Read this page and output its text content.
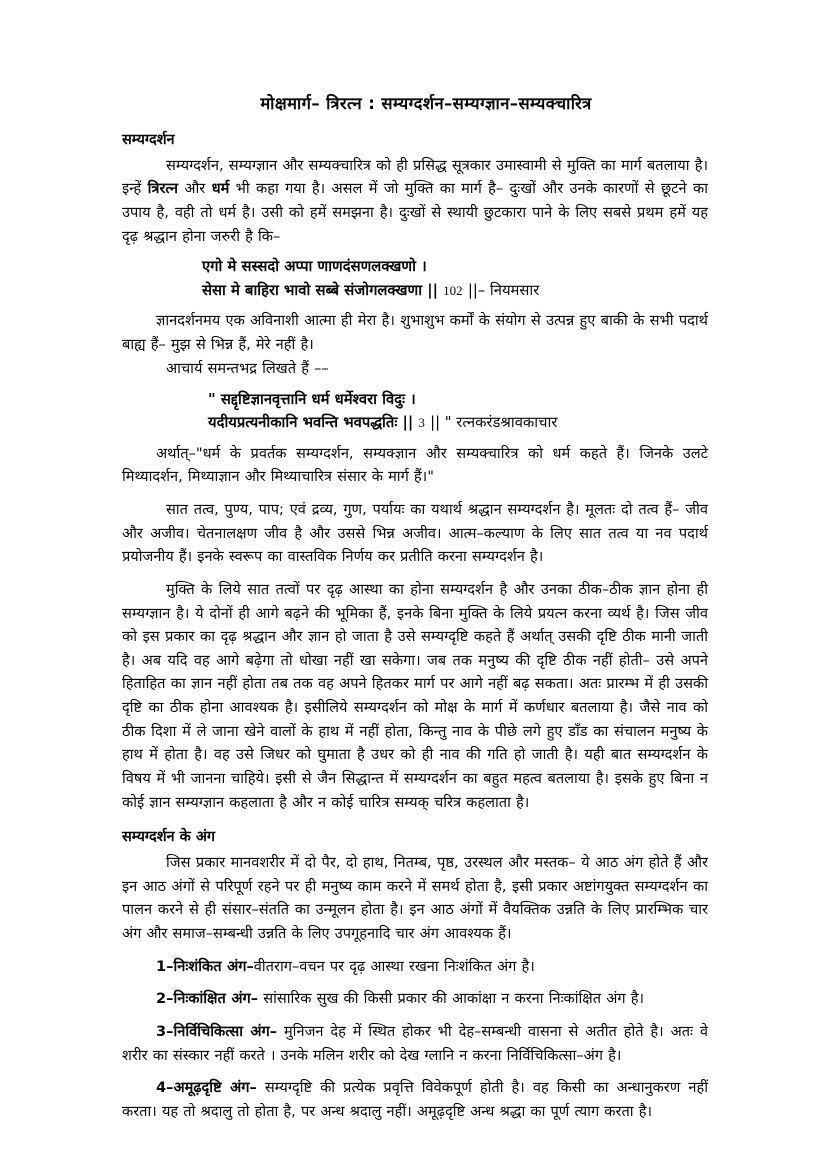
मोक्षमार्ग– त्रिरत्न : सम्यग्दर्शन–सम्यग्ज्ञान–सम्यक्चारित्र
सम्यग्दर्शन

सम्यग्दर्शन, सम्यग्ज्ञान और सम्यक्चारित्र को ही प्रसिद्ध सूत्रकार उमास्वामी से मुक्ति का मार्ग बतलाया है। इन्हें त्रिरत्न और धर्म भी कहा गया है। असल में जो मुक्ति का मार्ग है– दुःखों और उनके कारणों से छूटने का उपाय है, वही तो धर्म है। उसी को हमें समझना है। दुःखों से स्थायी छुटकारा पाने के लिए सबसे प्रथम हमें यह दृढ़ श्रद्धान होना जरुरी है कि–

एगो मे सस्सदो अप्पा णाणदंसणलक्खणो ।
सेसा मे बाहिरा भावो सब्बे संजोगलक्खणा || 102 ||– नियमसार

ज्ञानदर्शनमय एक अविनाशी आत्मा ही मेरा है। शुभाशुभ कर्मों के संयोग से उत्पन्न हुए बाकी के सभी पदार्थ बाह्य हैं– मुझ से भिन्न हैं, मेरे नहीं है।

आचार्य समन्तभद्र लिखते हैं ––

" सद्दृष्टिज्ञानवृत्तानि धर्म धर्मेश्वरा विदुः ।
यदीयप्रत्यनीकानि भवन्ति भवपद्धतिः || 3 || " रत्नकरंडश्रावकाचार

अर्थात्–"धर्म के प्रवर्तक सम्यग्दर्शन, सम्यक्ज्ञान और सम्यक्चारित्र को धर्म कहते हैं। जिनके उलटे मिथ्यादर्शन, मिथ्याज्ञान और मिथ्याचारित्र संसार के मार्ग हैं।"

सात तत्व, पुण्य, पाप; एवं द्रव्य, गुण, पर्यायः का यथार्थ श्रद्धान सम्यग्दर्शन है। मूलतः दो तत्व हैं– जीव और अजीव। चेतनालक्षण जीव है और उससे भिन्न अजीव। आत्म–कल्याण के लिए सात तत्व या नव पदार्थ प्रयोजनीय हैं। इनके स्वरूप का वास्तविक निर्णय कर प्रतीति करना सम्यग्दर्शन है।

मुक्ति के लिये सात तत्वों पर दृढ़ आस्था का होना सम्यग्दर्शन है और उनका ठीक–ठीक ज्ञान होना ही सम्यग्ज्ञान है। ये दोनों ही आगे बढ़ने की भूमिका हैं, इनके बिना मुक्ति के लिये प्रयत्न करना व्यर्थ है। जिस जीव को इस प्रकार का दृढ़ श्रद्धान और ज्ञान हो जाता है उसे सम्यग्दृष्टि कहते हैं अर्थात् उसकी दृष्टि ठीक मानी जाती है। अब यदि वह आगे बढ़ेगा तो धोखा नहीं खा सकेगा। जब तक मनुष्य की दृष्टि ठीक नहीं होती– उसे अपने हिताहित का ज्ञान नहीं होता तब तक वह अपने हितकर मार्ग पर आगे नहीं बढ़ सकता। अतः प्रारम्भ में ही उसकी दृष्टि का ठीक होना आवश्यक है। इसीलिये सम्यग्दर्शन को मोक्ष के मार्ग में कर्णधार बतलाया है। जैसे नाव को ठीक दिशा में ले जाना खेने वालों के हाथ में नहीं होता, किन्तु नाव के पीछे लगे हुए डाँड का संचालन मनुष्य के हाथ में होता है। वह उसे जिधर को घुमाता है उधर को ही नाव की गति हो जाती है। यही बात सम्यग्दर्शन के विषय में भी जानना चाहिये। इसी से जैन सिद्धान्त में सम्यग्दर्शन का बहुत महत्व बतलाया है। इसके हुए बिना न कोई ज्ञान सम्यग्ज्ञान कहलाता है और न कोई चारित्र सम्यक् चरित्र कहलाता है।

सम्यग्दर्शन के अंग

जिस प्रकार मानवशरीर में दो पैर, दो हाथ, नितम्ब, पृष्ठ, उरस्थल और मस्तक– ये आठ अंग होते हैं और इन आठ अंगों से परिपूर्ण रहने पर ही मनुष्य काम करने में समर्थ होता है, इसी प्रकार अष्टांगयुक्त सम्यग्दर्शन का पालन करने से ही संसार–संतति का उन्मूलन होता है। इन आठ अंगों में वैयक्तिक उन्नति के लिए प्रारम्भिक चार अंग और समाज–सम्बन्धी उन्नति के लिए उपगूहनादि चार अंग आवश्यक हैं।

1–निःशंकित अंग–वीतराग–वचन पर दृढ़ आस्था रखना निःशंकित अंग है।

2–निःकांक्षित अंग– सांसारिक सुख की किसी प्रकार की आकांक्षा न करना निःकांक्षित अंग है।

3–निर्विचिकित्सा अंग– मुनिजन देह में स्थित होकर भी देह–सम्बन्धी वासना से अतीत होते है। अतः वे शरीर का संस्कार नहीं करते । उनके मलिन शरीर को देख ग्लानि न करना निर्विचिकित्सा–अंग है।

4–अमूढ़दृष्टि अंग– सम्यग्दृष्टि की प्रत्येक प्रवृत्ति विवेकपूर्ण होती है। वह किसी का अन्धानुकरण नहीं करता। यह तो श्रदालु तो होता है, पर अन्ध श्रदालु नहीं। अमूढ़दृष्टि अन्ध श्रद्धा का पूर्ण त्याग करता है।
